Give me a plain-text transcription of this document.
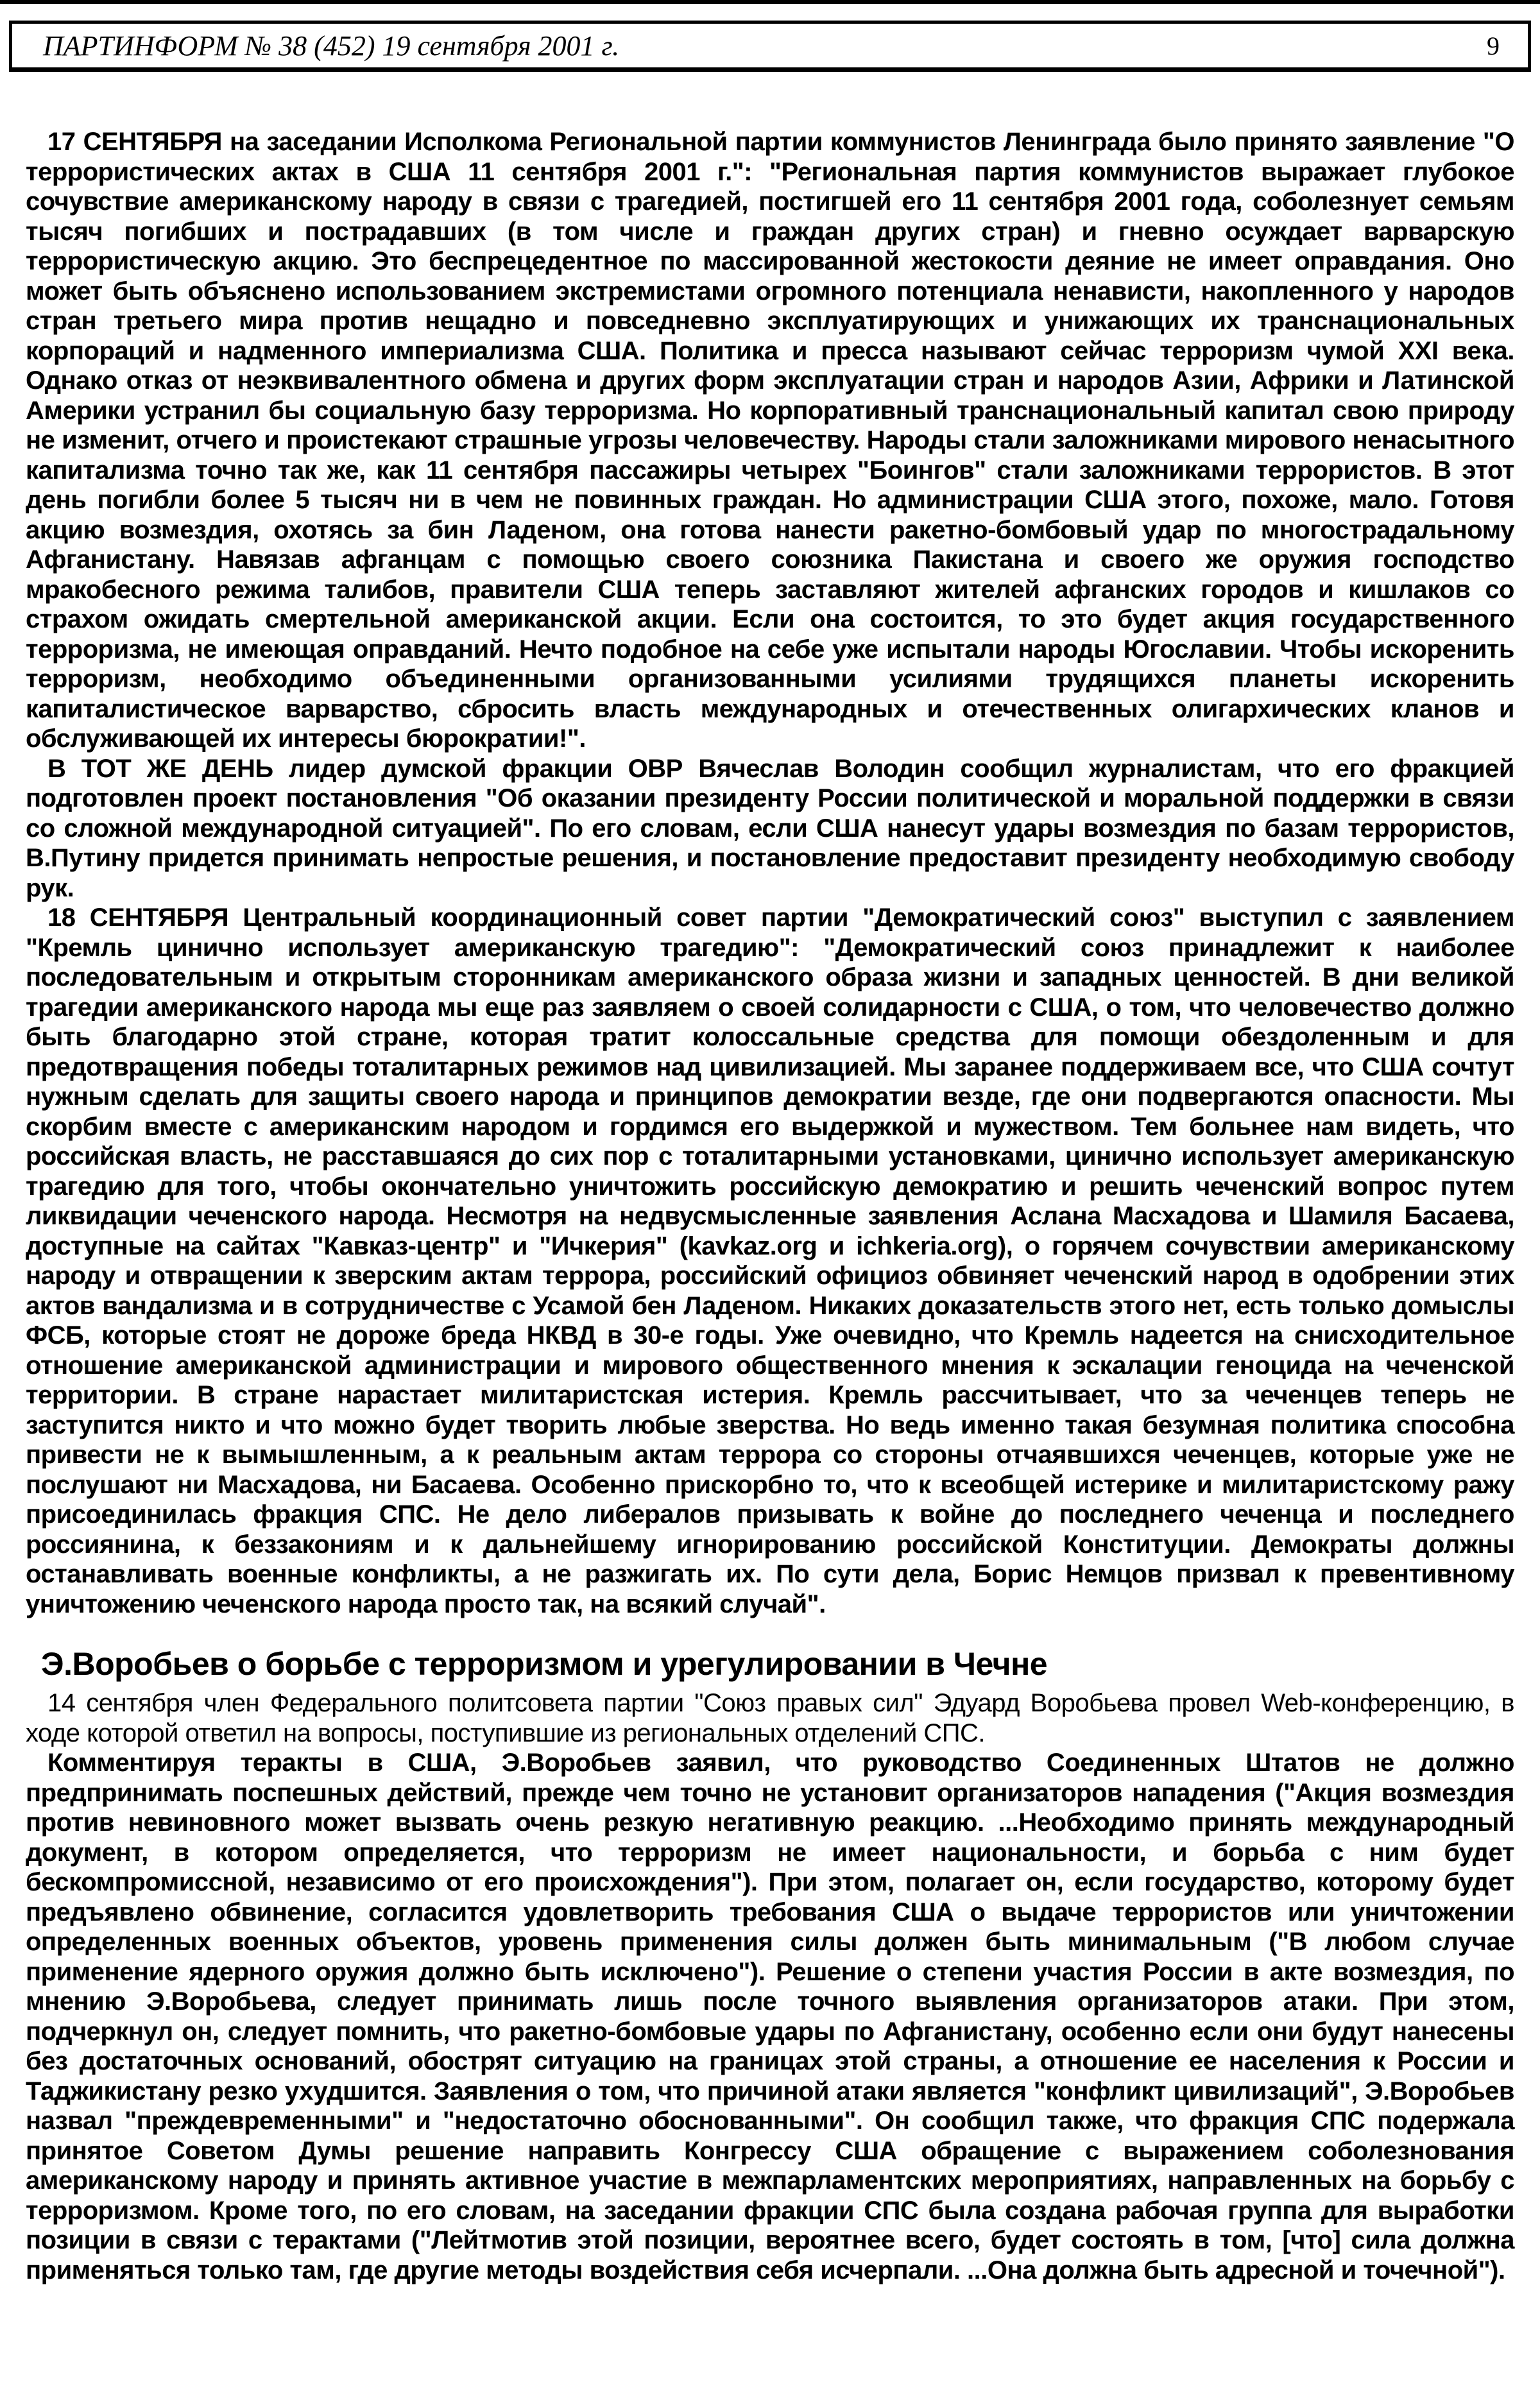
ПАРТИНФОРМ № 38 (452) 19 сентября 2001 г.	9

17 СЕНТЯБРЯ на заседании Исполкома Региональной партии коммунистов Ленинграда было принято заявление "О террористических актах в США 11 сентября 2001 г.": "Региональная партия коммунистов выражает глубокое сочувствие американскому народу в связи с трагедией, постигшей его 11 сентября 2001 года, соболезнует семьям тысяч погибших и пострадавших (в том числе и граждан других стран) и гневно осуждает варварскую террористическую акцию. Это беспрецедентное по массированной жестокости деяние не имеет оправдания. Оно может быть объяснено использованием экстремистами огромного потенциала ненависти, накопленного у народов стран третьего мира против нещадно и повседневно эксплуатирующих и унижающих их транснациональных корпораций и надменного империализма США. Политика и пресса называют сейчас терроризм чумой XXI века. Однако отказ от неэквивалентного обмена и других форм эксплуатации стран и народов Азии, Африки и Латинской Америки устранил бы социальную базу терроризма. Но корпоративный транснациональный капитал свою природу не изменит, отчего и проистекают страшные угрозы человечеству. Народы стали заложниками мирового ненасытного капитализма точно так же, как 11 сентября пассажиры четырех "Боингов" стали заложниками террористов. В этот день погибли более 5 тысяч ни в чем не повинных граждан. Но администрации США этого, похоже, мало. Готовя акцию возмездия, охотясь за бин Ладеном, она готова нанести ракетно-бомбовый удар по многострадальному Афганистану. Навязав афганцам с помощью своего союзника Пакистана и своего же оружия господство мракобесного режима талибов, правители США теперь заставляют жителей афганских городов и кишлаков со страхом ожидать смертельной американской акции. Если она состоится, то это будет акция государственного терроризма, не имеющая оправданий. Нечто подобное на себе уже испытали народы Югославии. Чтобы искоренить терроризм, необходимо объединенными организованными усилиями трудящихся планеты искоренить капиталистическое варварство, сбросить власть международных и отечественных олигархических кланов и обслуживающей их интересы бюрократии!".

В ТОТ ЖЕ ДЕНЬ лидер думской фракции ОВР Вячеслав Володин сообщил журналистам, что его фракцией подготовлен проект постановления "Об оказании президенту России политической и моральной поддержки в связи со сложной международной ситуацией". По его словам, если США нанесут удары возмездия по базам террористов, В.Путину придется принимать непростые решения, и постановление предоставит президенту необходимую свободу рук.

18 СЕНТЯБРЯ Центральный координационный совет партии "Демократический союз" выступил с заявлением "Кремль цинично использует американскую трагедию": "Демократический союз принадлежит к наиболее последовательным и открытым сторонникам американского образа жизни и западных ценностей. В дни великой трагедии американского народа мы еще раз заявляем о своей солидарности с США, о том, что человечество должно быть благодарно этой стране, которая тратит колоссальные средства для помощи обездоленным и для предотвращения победы тоталитарных режимов над цивилизацией. Мы заранее поддерживаем все, что США сочтут нужным сделать для защиты своего народа и принципов демократии везде, где они подвергаются опасности. Мы скорбим вместе с американским народом и гордимся его выдержкой и мужеством. Тем больнее нам видеть, что российская власть, не расставшаяся до сих пор с тоталитарными установками, цинично использует американскую трагедию для того, чтобы окончательно уничтожить российскую демократию и решить чеченский вопрос путем ликвидации чеченского народа. Несмотря на недвусмысленные заявления Аслана Масхадова и Шамиля Басаева, доступные на сайтах "Кавказ-центр" и "Ичкерия" (kavkaz.org и ichkeria.org), о горячем сочувствии американскому народу и отвращении к зверским актам террора, российский официоз обвиняет чеченский народ в одобрении этих актов вандализма и в сотрудничестве с Усамой бен Ладеном. Никаких доказательств этого нет, есть только домыслы ФСБ, которые стоят не дороже бреда НКВД в 30-е годы. Уже очевидно, что Кремль надеется на снисходительное отношение американской администрации и мирового общественного мнения к эскалации геноцида на чеченской территории. В стране нарастает милитаристская истерия. Кремль рассчитывает, что за чеченцев теперь не заступится никто и что можно будет творить любые зверства. Но ведь именно такая безумная политика способна привести не к вымышленным, а к реальным актам террора со стороны отчаявшихся чеченцев, которые уже не послушают ни Масхадова, ни Басаева. Особенно прискорбно то, что к всеобщей истерике и милитаристскому ражу присоединилась фракция СПС. Не дело либералов призывать к войне до последнего чеченца и последнего россиянина, к беззакониям и к дальнейшему игнорированию российской Конституции. Демократы должны останавливать военные конфликты, а не разжигать их. По сути дела, Борис Немцов призвал к превентивному уничтожению чеченского народа просто так, на всякий случай".

Э.Воробьев о борьбе с терроризмом и урегулировании в Чечне

14 сентября член Федерального политсовета партии "Союз правых сил" Эдуард Воробьева провел Web-конференцию, в ходе которой ответил на вопросы, поступившие из региональных отделений СПС.

Комментируя теракты в США, Э.Воробьев заявил, что руководство Соединенных Штатов не должно предпринимать поспешных действий, прежде чем точно не установит организаторов нападения ("Акция возмездия против невиновного может вызвать очень резкую негативную реакцию. ...Необходимо принять международный документ, в котором определяется, что терроризм не имеет национальности, и борьба с ним будет бескомпромиссной, независимо от его происхождения"). При этом, полагает он, если государство, которому будет предъявлено обвинение, согласится удовлетворить требования США о выдаче террористов или уничтожении определенных военных объектов, уровень применения силы должен быть минимальным ("В любом случае применение ядерного оружия должно быть исключено"). Решение о степени участия России в акте возмездия, по мнению Э.Воробьева, следует принимать лишь после точного выявления организаторов атаки. При этом, подчеркнул он, следует помнить, что ракетно-бомбовые удары по Афганистану, особенно если они будут нанесены без достаточных оснований, обострят ситуацию на границах этой страны, а отношение ее населения к России и Таджикистану резко ухудшится. Заявления о том, что причиной атаки является "конфликт цивилизаций", Э.Воробьев назвал "преждевременными" и "недостаточно обоснованными". Он сообщил также, что фракция СПС подержала принятое Советом Думы решение направить Конгрессу США обращение с выражением соболезнования американскому народу и принять активное участие в межпарламентских мероприятиях, направленных на борьбу с терроризмом. Кроме того, по его словам, на заседании фракции СПС была создана рабочая группа для выработки позиции в связи с терактами ("Лейтмотив этой позиции, вероятнее всего, будет состоять в том, [что] сила должна применяться только там, где другие методы воздействия себя исчерпали. ...Она должна быть адресной и точечной").
